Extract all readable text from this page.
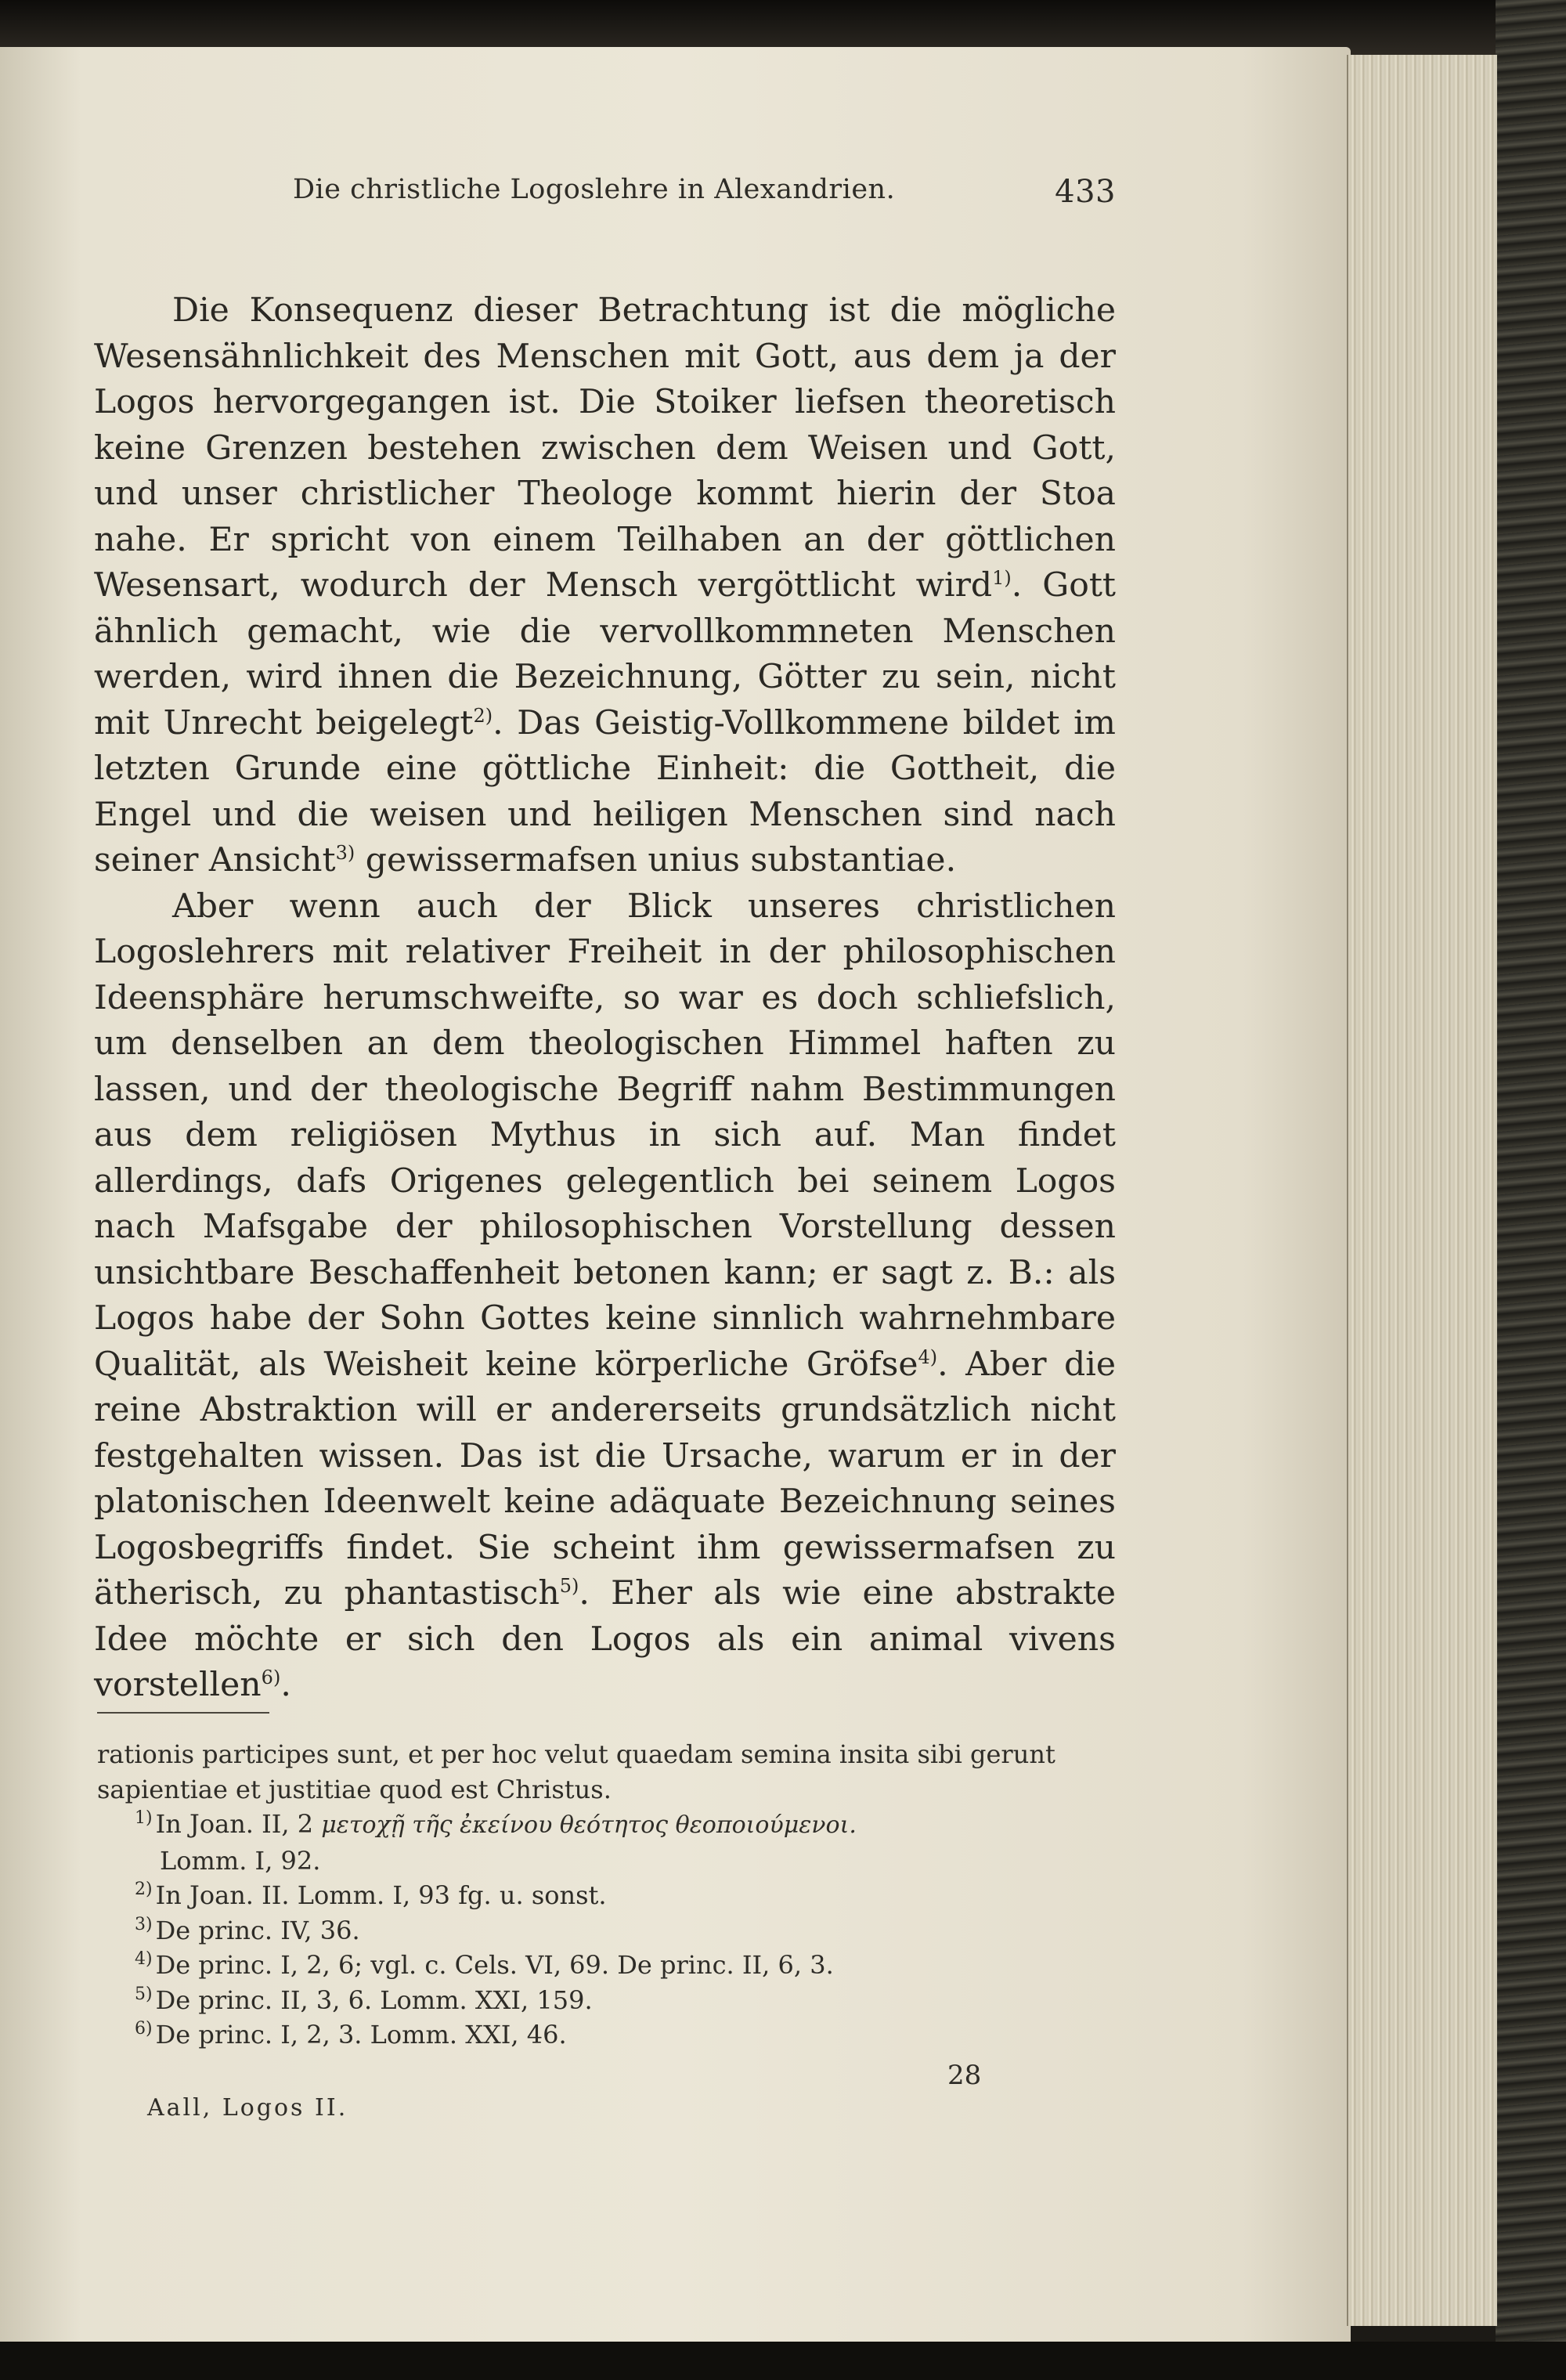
Die christliche Logoslehre in Alexandrien.	433

Die Konsequenz dieser Betrachtung ist die mögliche Wesensähnlichkeit des Menschen mit Gott, aus dem ja der Logos hervorgegangen ist. Die Stoiker liefsen theoretisch keine Grenzen bestehen zwischen dem Weisen und Gott, und unser christlicher Theologe kommt hierin der Stoa nahe. Er spricht von einem Teilhaben an der göttlichen Wesensart, wodurch der Mensch vergöttlicht wird$^{1)}$. Gott ähnlich gemacht, wie die vervollkommneten Menschen werden, wird ihnen die Bezeichnung, Götter zu sein, nicht mit Unrecht beigelegt$^{2)}$. Das Geistig-Vollkommene bildet im letzten Grunde eine göttliche Einheit: die Gottheit, die Engel und die weisen und heiligen Menschen sind nach seiner Ansicht$^{3)}$ gewissermafsen unius substantiae.

Aber wenn auch der Blick unseres christlichen Logoslehrers mit relativer Freiheit in der philosophischen Ideensphäre herumschweifte, so war es doch schliefslich, um denselben an dem theologischen Himmel haften zu lassen, und der theologische Begriff nahm Bestimmungen aus dem religiösen Mythus in sich auf. Man findet allerdings, dafs Origenes gelegentlich bei seinem Logos nach Mafsgabe der philosophischen Vorstellung dessen unsichtbare Beschaffenheit betonen kann; er sagt z. B.: als Logos habe der Sohn Gottes keine sinnlich wahrnehmbare Qualität, als Weisheit keine körperliche Gröfse$^{4)}$. Aber die reine Abstraktion will er andererseits grundsätzlich nicht festgehalten wissen. Das ist die Ursache, warum er in der platonischen Ideenwelt keine adäquate Bezeichnung seines Logosbegriffs findet. Sie scheint ihm gewissermafsen zu ätherisch, zu phantastisch$^{5)}$. Eher als wie eine abstrakte Idee möchte er sich den Logos als ein animal vivens vorstellen$^{6)}$.

rationis participes sunt, et per hoc velut quaedam semina insita sibi gerunt sapientiae et justitiae quod est Christus.

$^{1)}$ In Joan. II, 2 μετοχῇ τῆς ἐκείνου θεότητος θεοποιούμενοι.
Lomm. I, 92.

$^{2)}$ In Joan. II. Lomm. I, 93 fg. u. sonst.

$^{3)}$ De princ. IV, 36.

$^{4)}$ De princ. I, 2, 6; vgl. c. Cels. VI, 69. De princ. II, 6, 3.

$^{5)}$ De princ. II, 3, 6. Lomm. XXI, 159.

$^{6)}$ De princ. I, 2, 3. Lomm. XXI, 46.

Aall, Logos II.
28
